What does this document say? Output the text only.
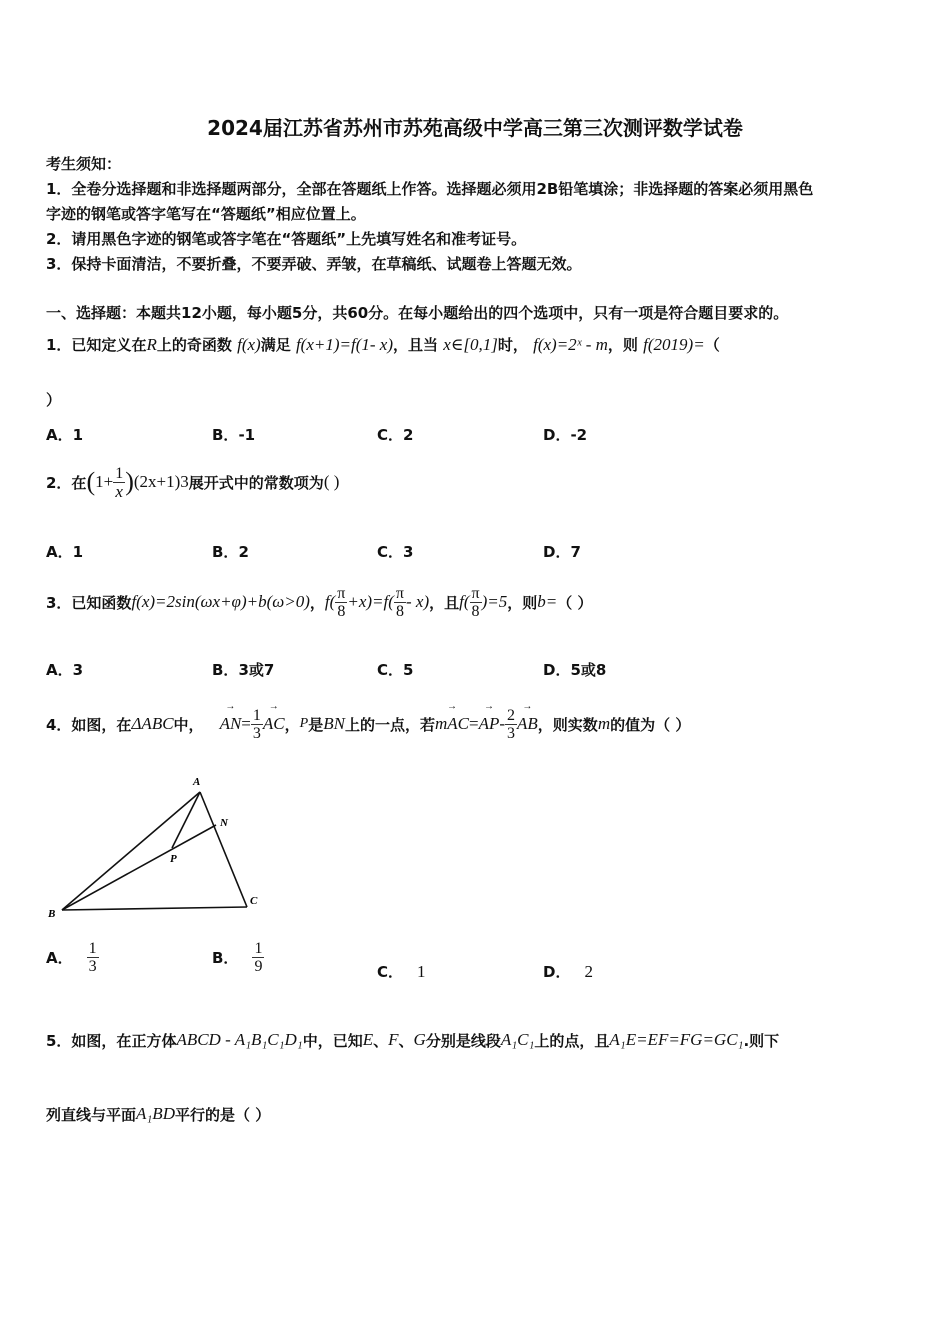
2024届江苏省苏州市苏苑高级中学高三第三次测评数学试卷
考生须知：
1．全卷分选择题和非选择题两部分，全部在答题纸上作答。选择题必须用2B铅笔填涂；非选择题的答案必须用黑色
字迹的钢笔或答字笔写在“答题纸”相应位置上。
2．请用黑色字迹的钢笔或答字笔在“答题纸”上先填写姓名和准考证号。
3．保持卡面清洁，不要折叠，不要弄破、弄皱，在草稿纸、试题卷上答题无效。
一、选择题：本题共12小题，每小题5分，共60分。在每小题给出的四个选项中，只有一项是符合题目要求的。
1．已知定义在R上的奇函数 f(x)满足 f(x+1)=f(1- x)，且当 x∈[0,1]时， f(x)=2ˣ - m，则 f(2019)=（
）
A．1	B．-1	C．2	D．-2
2．在 ( $1+ \frac{1}{x}$ ) (2x+1) 3 展开式中的常数项为 ( )
A．1	B．2	C．3	D．7
3．已知函数 f(x)=2sin(ωx+φ)+b(ω>0) ， $f( \frac{\pi}{8} +x)=f( \frac{\pi}{8} - x)$ ，且 $f( \frac{\pi}{8} )=5$ ，则 b= （ ）
A．3	B．3或7	C．5	D．5或8
4．如图，在 ΔABC 中， → AN = $\frac{1}{3}$ → AC ， P 是 BN 上的一点，若 → mAC = → AP - $\frac{2}{3}$ → AB ，则实数 m 的值为（ ）
A
N
P
B
C
A． $\frac{1}{3}$	B． $\frac{1}{9}$	C． 1	D． 2
5．如图，在正方体 ABCD - A₁B₁C₁D₁ 中，已知 E 、 F 、 G 分别是线段 A₁C₁ 上的点，且 A₁E=EF=FG=GC₁ .则下
列直线与平面 A₁BD 平行的是（ ）
